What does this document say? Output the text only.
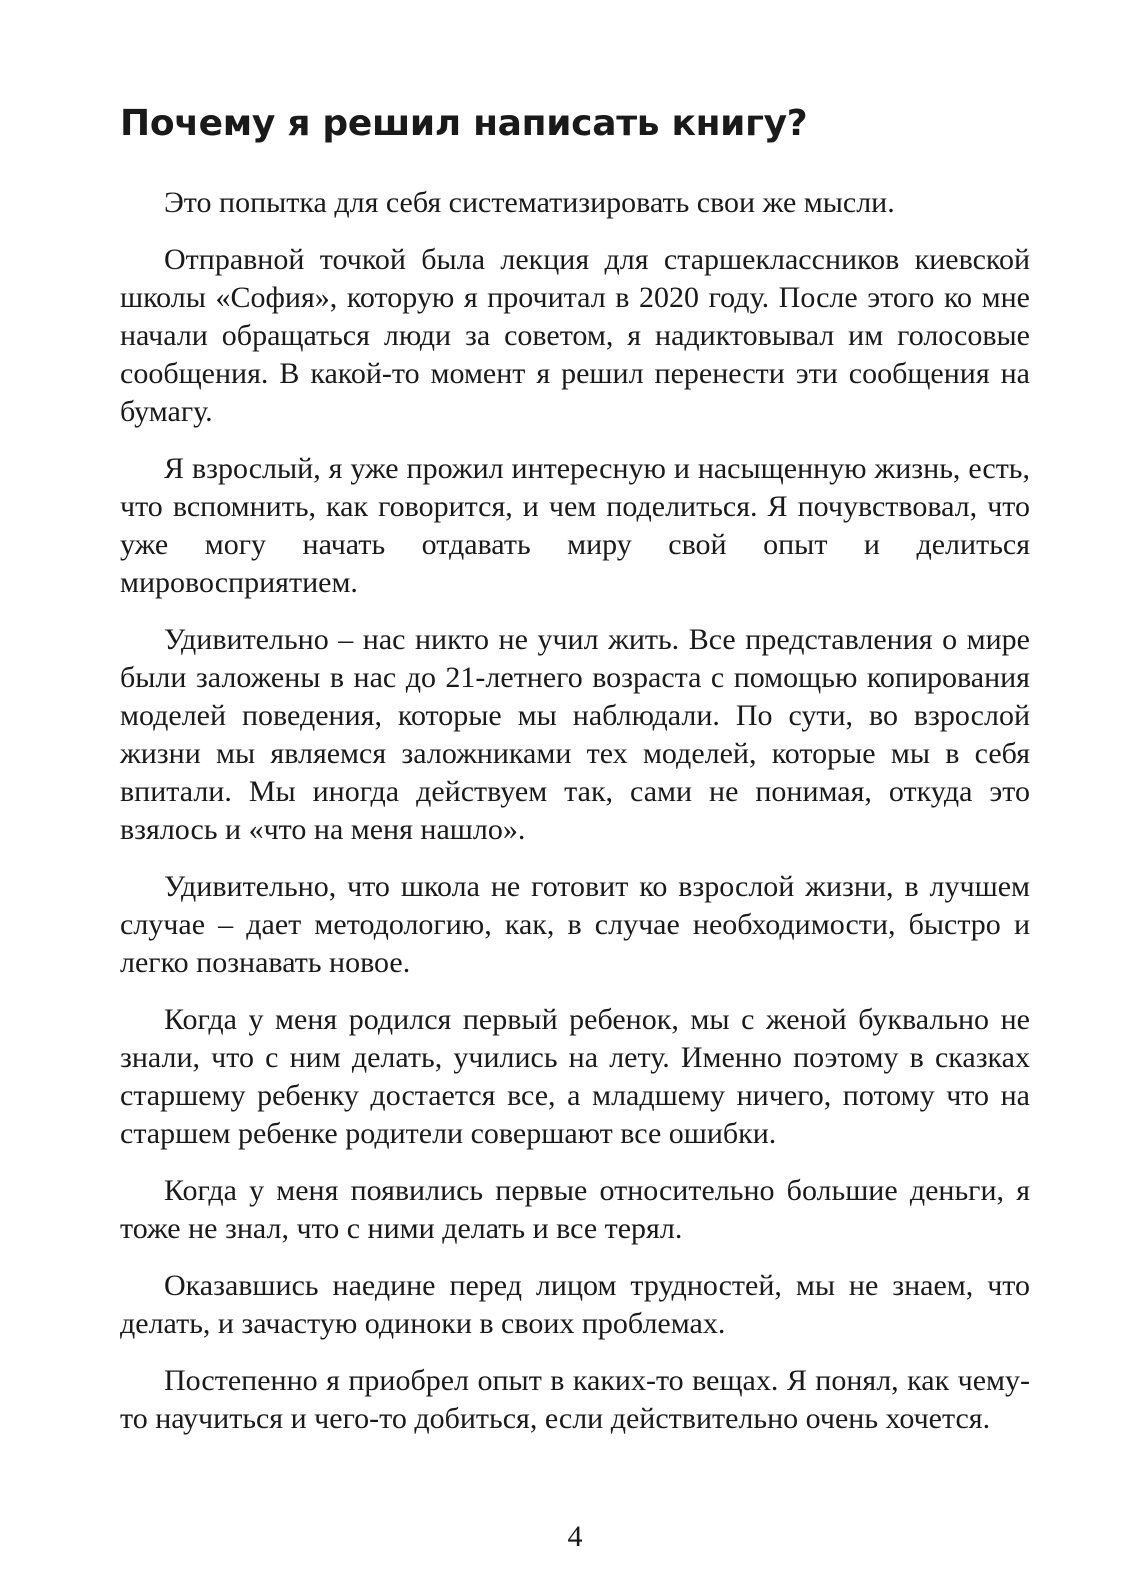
Почему я решил написать книгу?

Это попытка для себя систематизировать свои же мысли.

Отправной точкой была лекция для старшеклассников киевской школы «София», которую я прочитал в 2020 году. После этого ко мне начали обращаться люди за советом, я надиктовывал им голосовые сообщения. В какой-то момент я решил перенести эти сообщения на бумагу.

Я взрослый, я уже прожил интересную и насыщенную жизнь, есть, что вспомнить, как говорится, и чем поделиться. Я почувствовал, что уже могу начать отдавать миру свой опыт и делиться мировосприятием.

Удивительно – нас никто не учил жить. Все представления о мире были заложены в нас до 21-летнего возраста с помощью копирования моделей поведения, которые мы наблюдали. По сути, во взрослой жизни мы являемся заложниками тех моделей, которые мы в себя впитали. Мы иногда действуем так, сами не понимая, откуда это взялось и «что на меня нашло».

Удивительно, что школа не готовит ко взрослой жизни, в лучшем случае – дает методологию, как, в случае необходимости, быстро и легко познавать новое.

Когда у меня родился первый ребенок, мы с женой буквально не знали, что с ним делать, учились на лету. Именно поэтому в сказках старшему ребенку достается все, а младшему ничего, потому что на старшем ребенке родители совершают все ошибки.

Когда у меня появились первые относительно большие деньги, я тоже не знал, что с ними делать и все терял.

Оказавшись наедине перед лицом трудностей, мы не знаем, что делать, и зачастую одиноки в своих проблемах.

Постепенно я приобрел опыт в каких-то вещах. Я понял, как чему-то научиться и чего-то добиться, если действительно очень хочется.

4
